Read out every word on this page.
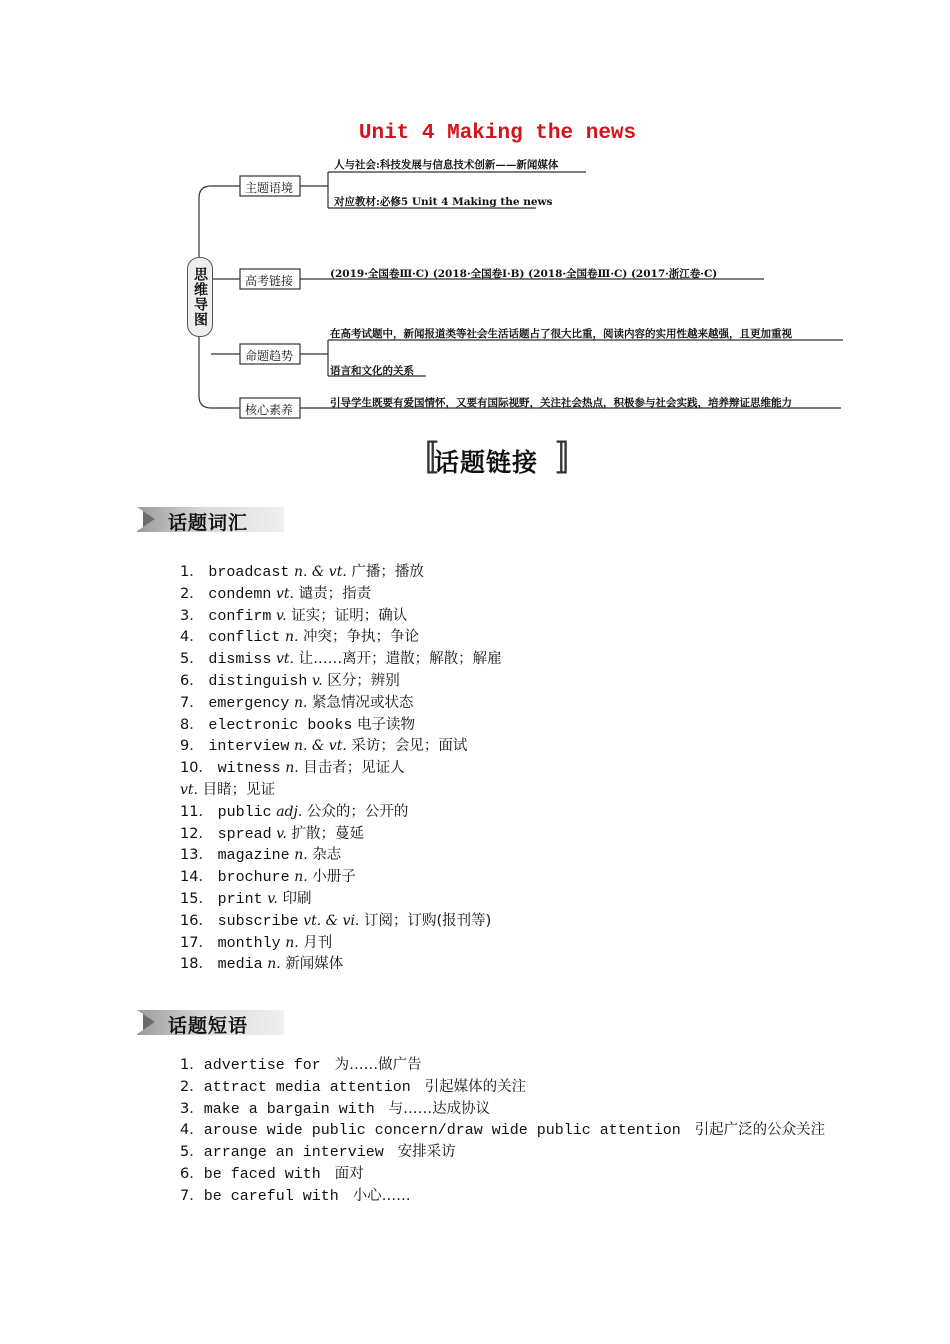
Unit 4 Making the news
思维导图
主题语境
高考链接
命题趋势
核心素养
人与社会:科技发展与信息技术创新——新闻媒体
对应教材:必修5 Unit 4 Making the news
(2019·全国卷Ⅲ·C) (2018·全国卷Ⅰ·B) (2018·全国卷Ⅲ·C) (2017·浙江卷·C)
在高考试题中，新闻报道类等社会生活话题占了很大比重，阅读内容的实用性越来越强，且更加重视
语言和文化的关系
引导学生既要有爱国情怀，又要有国际视野，关注社会热点，积极参与社会实践，培养辩证思维能力
〚
话题链接 〛
话题词汇
1． broadcast n. & vt. 广播；播放
2． condemn vt. 谴责；指责
3． confirm v. 证实；证明；确认
4． conflict n. 冲突；争执；争论
5． dismiss vt. 让……离开；遣散；解散；解雇
6． distinguish v. 区分；辨别
7． emergency n. 紧急情况或状态
8． electronic books 电子读物
9． interview n. & vt. 采访；会见；面试
10． witness n. 目击者；见证人
vt. 目睹；见证
11． public adj. 公众的；公开的
12． spread v. 扩散；蔓延
13． magazine n. 杂志
14． brochure n. 小册子
15． print v. 印刷
16． subscribe vt. & vi. 订阅；订购(报刊等)
17． monthly n. 月刊
18． media n. 新闻媒体
话题短语
1．advertise for 为……做广告
2．attract media attention 引起媒体的关注
3．make a bargain with 与……达成协议
4．arouse wide public concern/draw wide public attention 引起广泛的公众关注
5．arrange an interview 安排采访
6．be faced with 面对
7．be careful with 小心……
